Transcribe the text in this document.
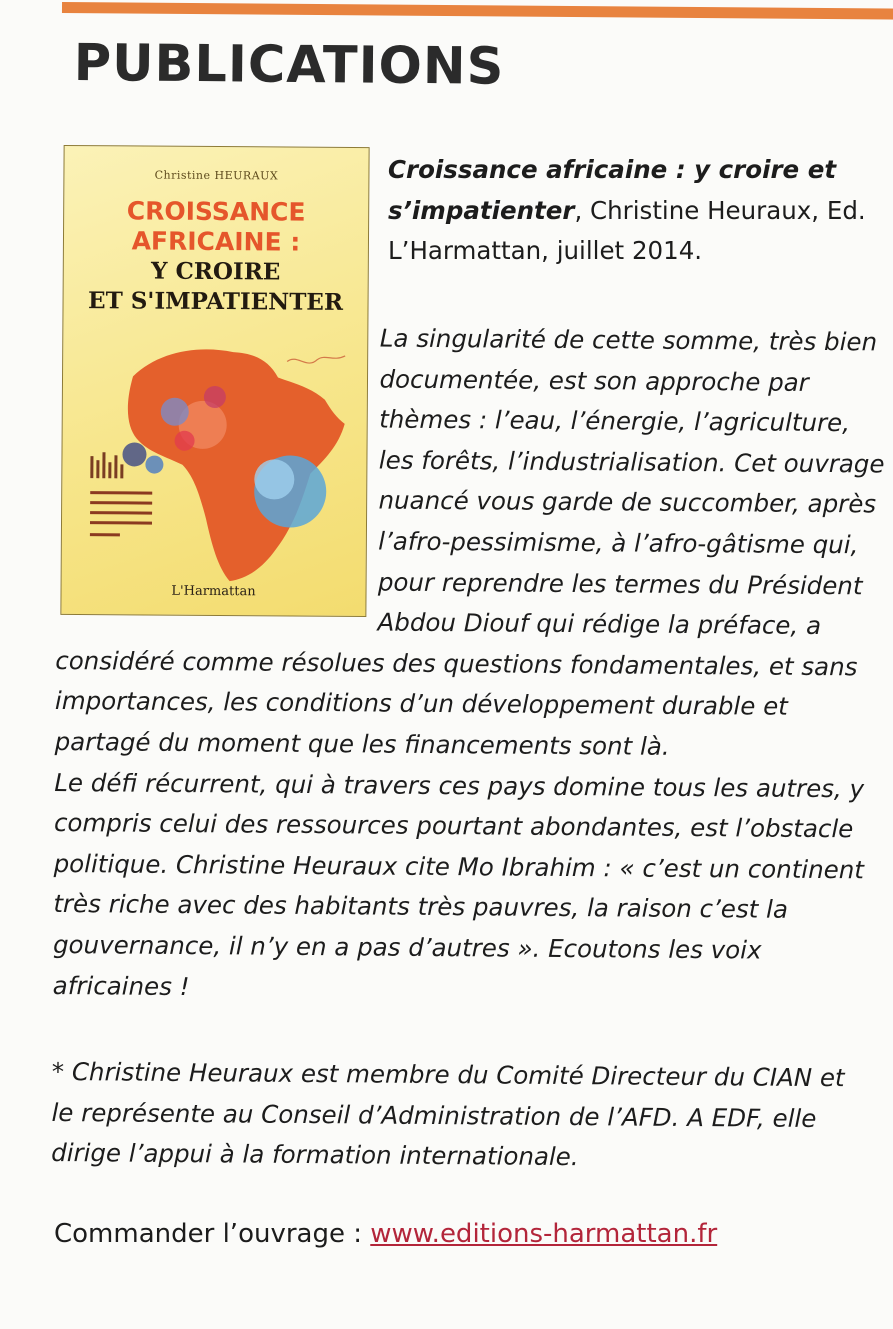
PUBLICATIONS
Christine HEURAUX
CROISSANCE
AFRICAINE :
Y CROIRE
ET S'IMPATIENTER
L'Harmattan

Croissance africaine : y croire et s’impatienter, Christine Heuraux, Ed. L’Harmattan, juillet 2014.

La singularité de cette somme, très bien documentée, est son approche par thèmes : l’eau, l’énergie, l’agriculture, les forêts, l’industrialisation. Cet ouvrage nuancé vous garde de succomber, après l’afro-pessimisme, à l’afro-gâtisme qui, pour reprendre les termes du Président Abdou Diouf qui rédige la préface, a considéré comme résolues des questions fondamentales, et sans importances, les conditions d’un développement durable et partagé du moment que les financements sont là.
Le défi récurrent, qui à travers ces pays domine tous les autres, y compris celui des ressources pourtant abondantes, est l’obstacle politique. Christine Heuraux cite Mo Ibrahim : « c’est un continent très riche avec des habitants très pauvres, la raison c’est la gouvernance, il n’y en a pas d’autres ». Ecoutons les voix africaines !

* Christine Heuraux est membre du Comité Directeur du CIAN et le représente au Conseil d’Administration de l’AFD. A EDF, elle dirige l’appui à la formation internationale.

Commander l’ouvrage : www.editions-harmattan.fr
